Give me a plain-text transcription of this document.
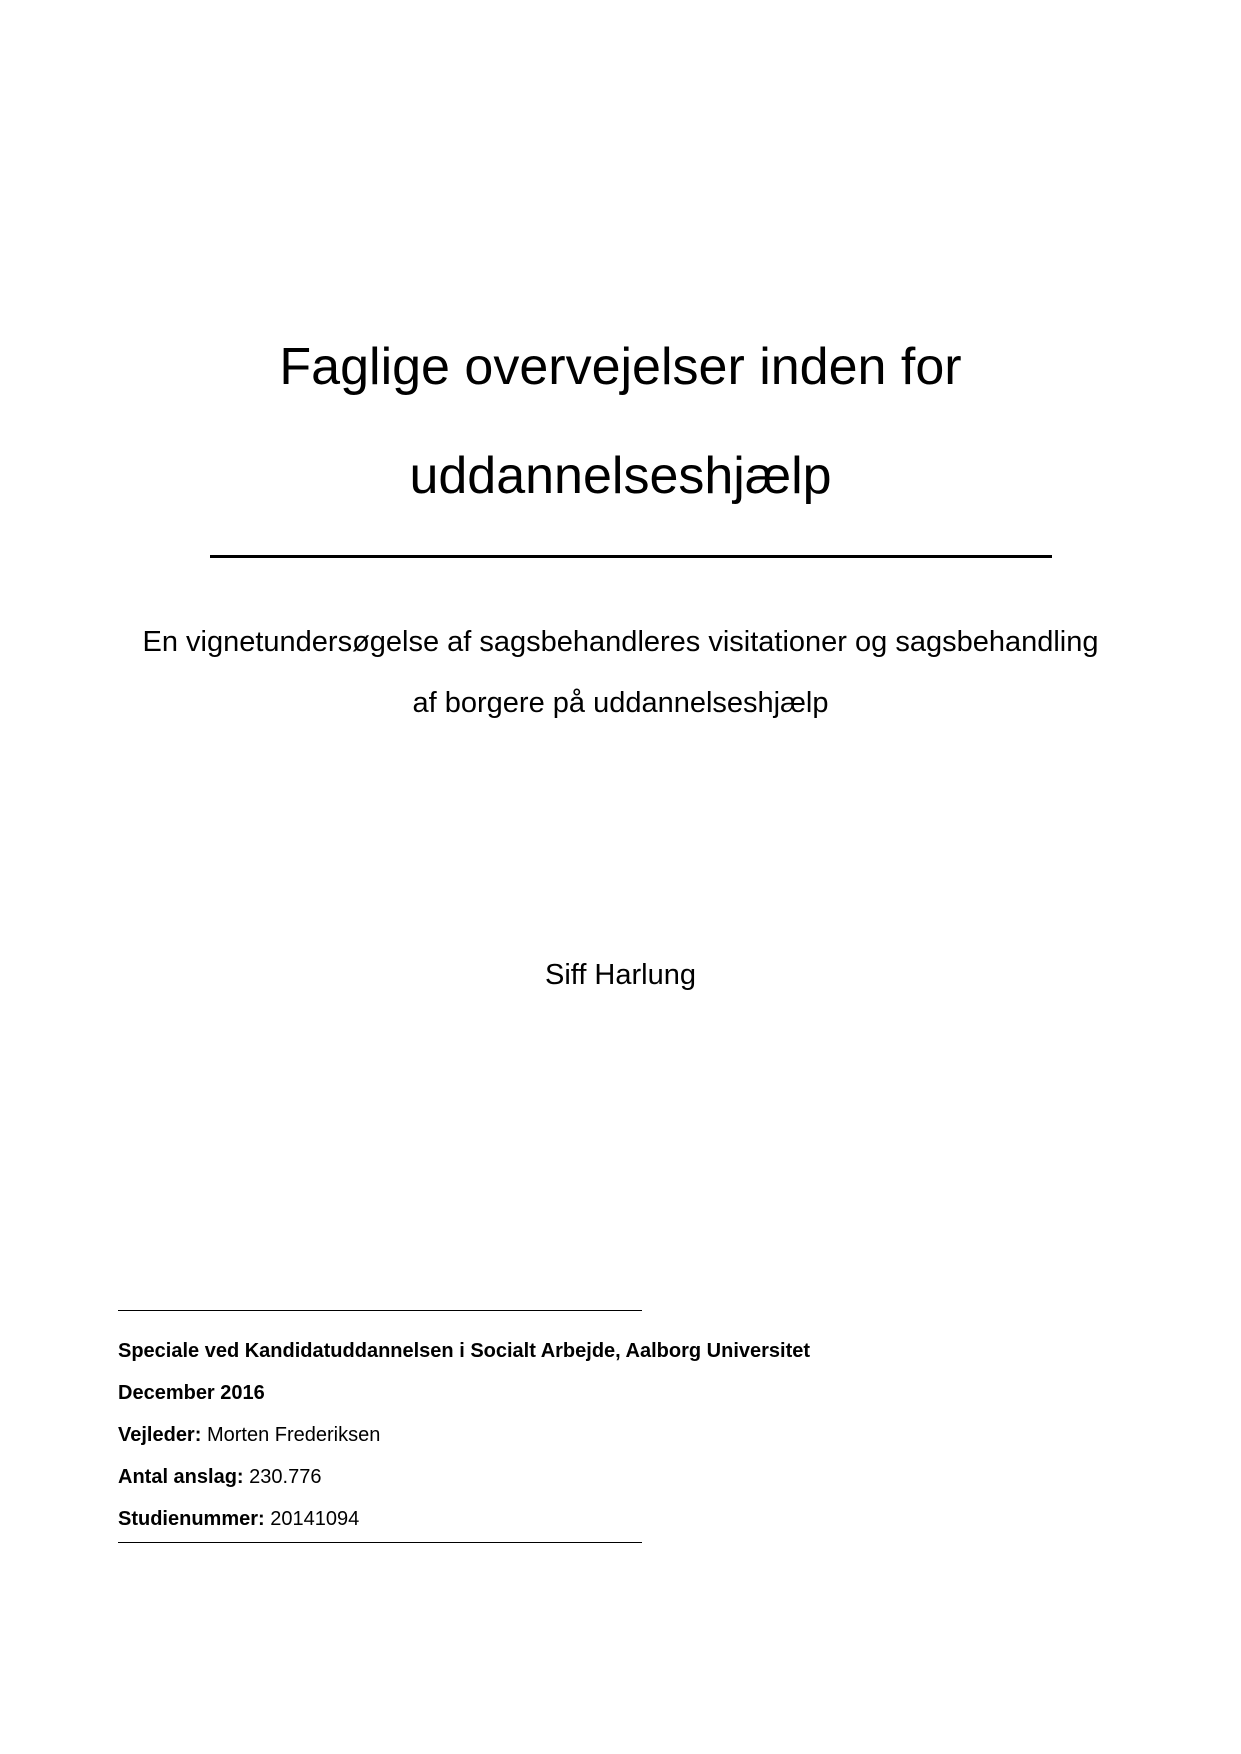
Faglige overvejelser inden for
uddannelseshjælp
En vignetundersøgelse af sagsbehandleres visitationer og sagsbehandling
af borgere på uddannelseshjælp
Siff Harlung
Speciale ved Kandidatuddannelsen i Socialt Arbejde, Aalborg Universitet
December 2016
Vejleder: Morten Frederiksen
Antal anslag: 230.776
Studienummer: 20141094
